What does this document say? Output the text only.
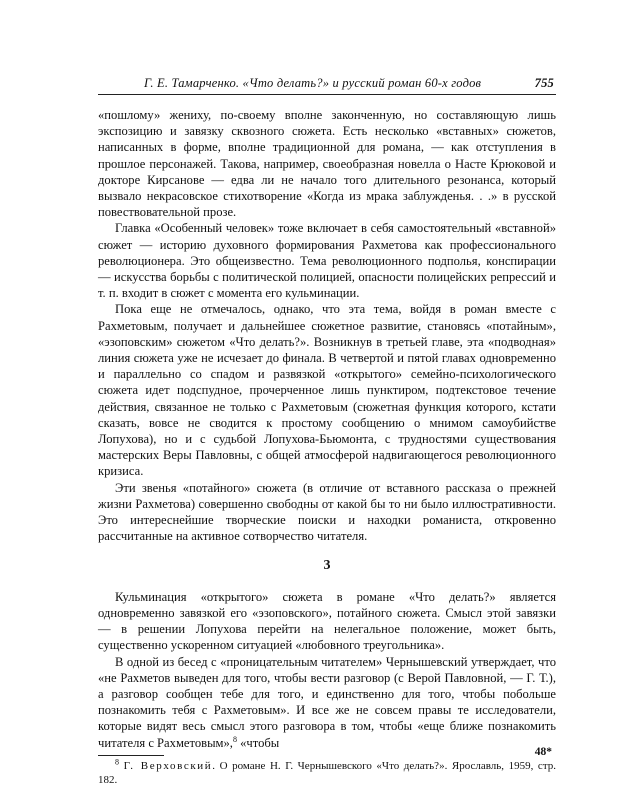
Г. Е. Тамарченко. «Что делать?» и русский роман 60-х годов	755

«пошлому» жениху, по-своему вполне законченную, но составляющую лишь экспозицию и завязку сквозного сюжета. Есть несколько «вставных» сюжетов, написанных в форме, вполне традиционной для романа, — как отступления в прошлое персонажей. Такова, например, своеобразная новелла о Насте Крюковой и докторе Кирсанове — едва ли не начало того длительного резонанса, который вызвало некрасовское стихотворение «Когда из мрака заблужденья. . .» в русской повествовательной прозе.

Главка «Особенный человек» тоже включает в себя самостоятельный «вставной» сюжет — историю духовного формирования Рахметова как профессионального революционера. Это общеизвестно. Тема революционного подполья, конспирации — искусства борьбы с политической полицией, опасности полицейских репрессий и т. п. входит в сюжет с момента его кульминации.

Пока еще не отмечалось, однако, что эта тема, войдя в роман вместе с Рахметовым, получает и дальнейшее сюжетное развитие, становясь «потайным», «эзоповским» сюжетом «Что делать?». Возникнув в третьей главе, эта «подводная» линия сюжета уже не исчезает до финала. В четвертой и пятой главах одновременно и параллельно со спадом и развязкой «открытого» семейно-психологического сюжета идет подспудное, прочерченное лишь пунктиром, подтекстовое течение действия, связанное не только с Рахметовым (сюжетная функция которого, кстати сказать, вовсе не сводится к простому сообщению о мнимом самоубийстве Лопухова), но и с судьбой Лопухова-Бьюмонта, с трудностями существования мастерских Веры Павловны, с общей атмосферой надвигающегося революционного кризиса.

Эти звенья «потайного» сюжета (в отличие от вставного рассказа о прежней жизни Рахметова) совершенно свободны от какой бы то ни было иллюстративности. Это интереснейшие творческие поиски и находки романиста, откровенно рассчитанные на активное сотворчество читателя.

3

Кульминация «открытого» сюжета в романе «Что делать?» является одновременно завязкой его «эзоповского», потайного сюжета. Смысл этой завязки — в решении Лопухова перейти на нелегальное положение, может быть, существенно ускоренном ситуацией «любовного треугольника».

В одной из бесед с «проницательным читателем» Чернышевский утверждает, что «не Рахметов выведен для того, чтобы вести разговор (с Верой Павловной, — Г. Т.), а разговор сообщен тебе для того, и единственно для того, чтобы побольше познакомить тебя с Рахметовым». И все же не совсем правы те исследователи, которые видят весь смысл этого разговора в том, чтобы «еще ближе познакомить читателя с Рахметовым»,$^8$ «чтобы

$^8$ Г. Верховский. О романе Н. Г. Чернышевского «Что делать?». Ярославль, 1959, стр. 182.
48*
